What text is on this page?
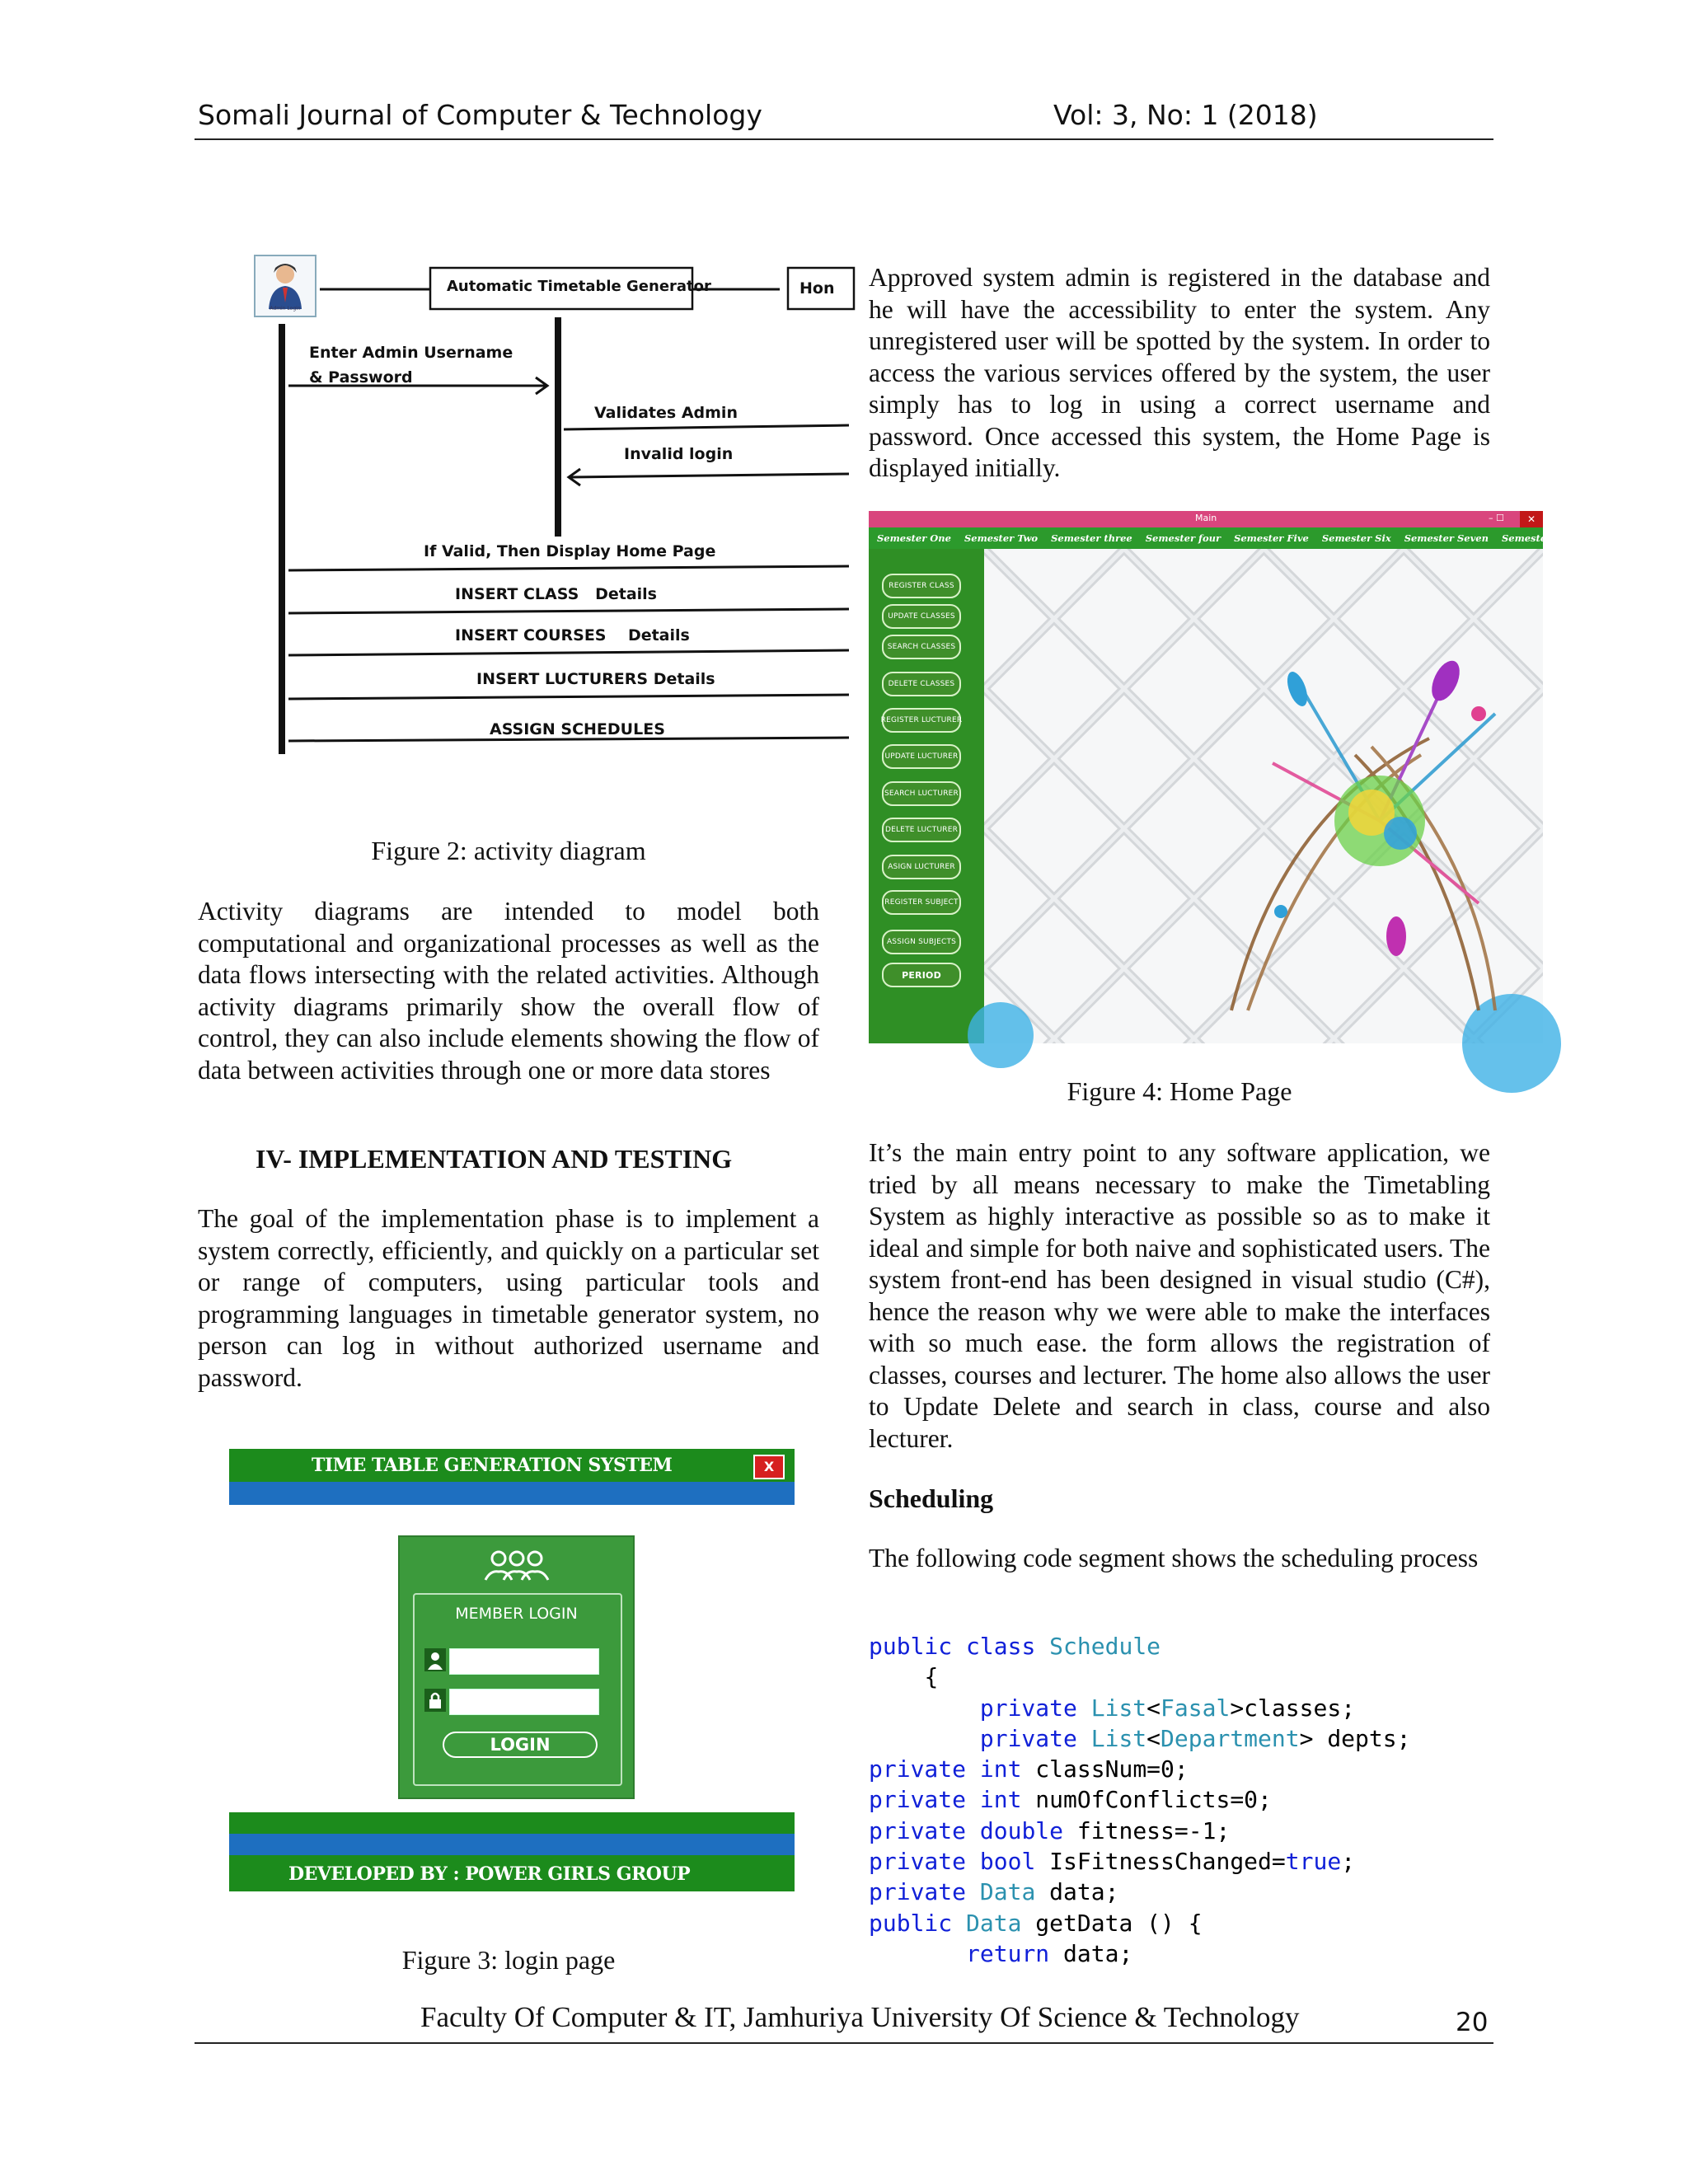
Somali Journal of Computer & Technology	Vol: 3, No: 1 (2018)
Admin Login
Automatic Timetable Generator	Hon
Enter Admin Username
& Password
Validates Admin
Invalid login
If Valid, Then Display Home Page
INSERT CLASS   Details
INSERT COURSES    Details
INSERT LUCTURERS Details
ASSIGN SCHEDULES
Figure 2: activity diagram
Activity diagrams are intended to model both computational and organizational processes as well as the data flows intersecting with the related activities. Although activity diagrams primarily show the overall flow of control, they can also include elements showing the flow of data between activities through one or more data stores
IV- IMPLEMENTATION AND TESTING
The goal of the implementation phase is to implement a system correctly, efficiently, and quickly on a particular set or range of computers, using particular tools and programming languages in timetable generator system, no person can log in without authorized username and password.
TIME TABLE GENERATION SYSTEM	X
MEMBER LOGIN
LOGIN
DEVELOPED BY : POWER GIRLS GROUP
Figure 3: login page
Approved system admin is registered in the database and he will have the accessibility to enter the system. Any unregistered user will be spotted by the system. In order to access the various services offered by the system, the user simply has to log in using a correct username and password. Once accessed this system, the Home Page is displayed initially.
Main	– ☐	✕
Semester One Semester Two Semester three Semester four Semester Five Semester Six Semester Seven Semester Eight
REGISTER CLASS
UPDATE CLASSES
SEARCH CLASSES
DELETE CLASSES
REGISTER LUCTURER
UPDATE LUCTURER
SEARCH LUCTURER
DELETE LUCTURER
ASIGN LUCTURER
REGISTER SUBJECT
ASSIGN SUBJECTS
PERIOD
Figure 4: Home Page
It’s the main entry point to any software application, we tried by all means necessary to make the Timetabling System as highly interactive as possible so as to make it ideal and simple for both naive and sophisticated users. The system front-end has been designed in visual studio (C#), hence the reason why we were able to make the interfaces with so much ease. the form allows the registration of classes, courses and lecturer. The home also allows the user to Update Delete and search in class, course and also lecturer.
Scheduling
The following code segment shows the scheduling process
public class Schedule
{
private List<Fasal>classes;
private List<Department> depts;
private int classNum=0;
private int numOfConflicts=0;
private double fitness=-1;
private bool IsFitnessChanged=true;
private Data data;
public Data getData () {
return data;
Faculty Of Computer & IT, Jamhuriya University Of Science & Technology	20
